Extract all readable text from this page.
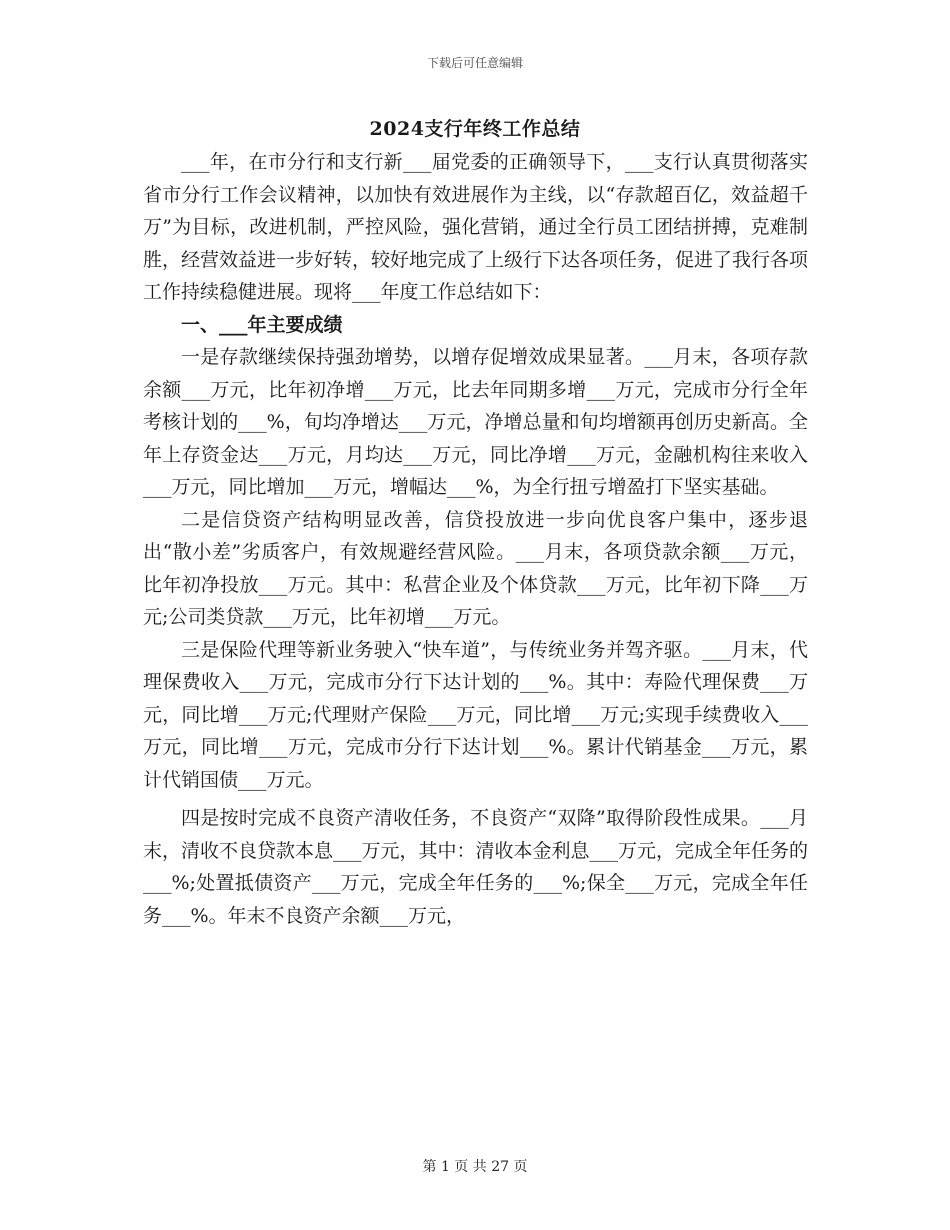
下载后可任意编辑
2024支行年终工作总结

___年，在市分行和支行新___届党委的正确领导下，___支行认真贯彻落实省市分行工作会议精神，以加快有效进展作为主线，以“存款超百亿，效益超千万”为目标，改进机制，严控风险，强化营销，通过全行员工团结拼搏，克难制胜，经营效益进一步好转，较好地完成了上级行下达各项任务，促进了我行各项工作持续稳健进展。现将___年度工作总结如下：

一、___年主要成绩

一是存款继续保持强劲增势，以增存促增效成果显著。___月末，各项存款余额___万元，比年初净增___万元，比去年同期多增___万元，完成市分行全年考核计划的___%，旬均净增达___万元，净增总量和旬均增额再创历史新高。全年上存资金达___万元，月均达___万元，同比净增___万元，金融机构往来收入___万元，同比增加___万元，增幅达___%，为全行扭亏增盈打下坚实基础。

二是信贷资产结构明显改善，信贷投放进一步向优良客户集中，逐步退出“散小差”劣质客户，有效规避经营风险。___月末，各项贷款余额___万元，比年初净投放___万元。其中：私营企业及个体贷款___万元，比年初下降___万元;公司类贷款___万元，比年初增___万元。

三是保险代理等新业务驶入“快车道”，与传统业务并驾齐驱。___月末，代理保费收入___万元，完成市分行下达计划的___%。其中：寿险代理保费___万元，同比增___万元;代理财产保险___万元，同比增___万元;实现手续费收入___万元，同比增___万元，完成市分行下达计划___%。累计代销基金___万元，累计代销国债___万元。

四是按时完成不良资产清收任务，不良资产“双降”取得阶段性成果。___月末，清收不良贷款本息___万元，其中：清收本金利息___万元，完成全年任务的___%;处置抵债资产___万元，完成全年任务的___%;保全___万元，完成全年任务___%。年末不良资产余额___万元，

第 1 页 共 27 页
